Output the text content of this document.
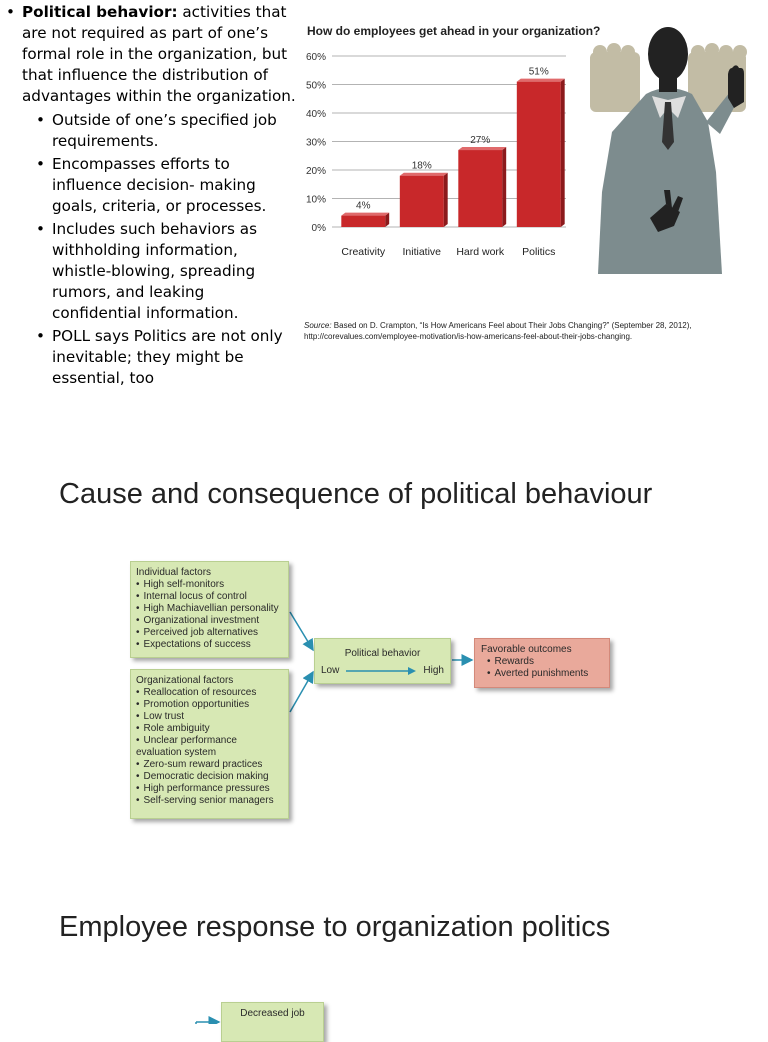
• Political behavior: activities that are not required as part of one’s formal role in the organization, but that influence the distribution of advantages within the organization.
• Outside of one’s specified job requirements.
• Encompasses efforts to influence decision- making goals, criteria, or processes.
• Includes such behaviors as withholding information, whistle-blowing, spreading rumors, and leaking confidential information.
• POLL says Politics are not only inevitable; they might be essential, too
How do employees get ahead in your organization?
0%
10%
20%
30%
40%
50%
60%
4%
Creativity
18%
Initiative
27%
Hard work
51%
Politics
Source: Based on D. Crampton, “Is How Americans Feel about Their Jobs Changing?” (September 28, 2012), http://corevalues.com/employee-motivation/is-how-americans-feel-about-their-jobs-changing.
Cause and consequence of political behaviour
Employee response to organization politics
Individual factors
• High self-monitors
• Internal locus of control
• High Machiavellian personality
• Organizational investment
• Perceived job alternatives
• Expectations of success
Organizational factors
• Reallocation of resources
• Promotion opportunities
• Low trust
• Role ambiguity
• Unclear performance evaluation system
• Zero-sum reward practices
• Democratic decision making
• High performance pressures
• Self-serving senior managers
Political behavior
Low	High
Favorable outcomes
• Rewards
• Averted punishments
Decreased job
